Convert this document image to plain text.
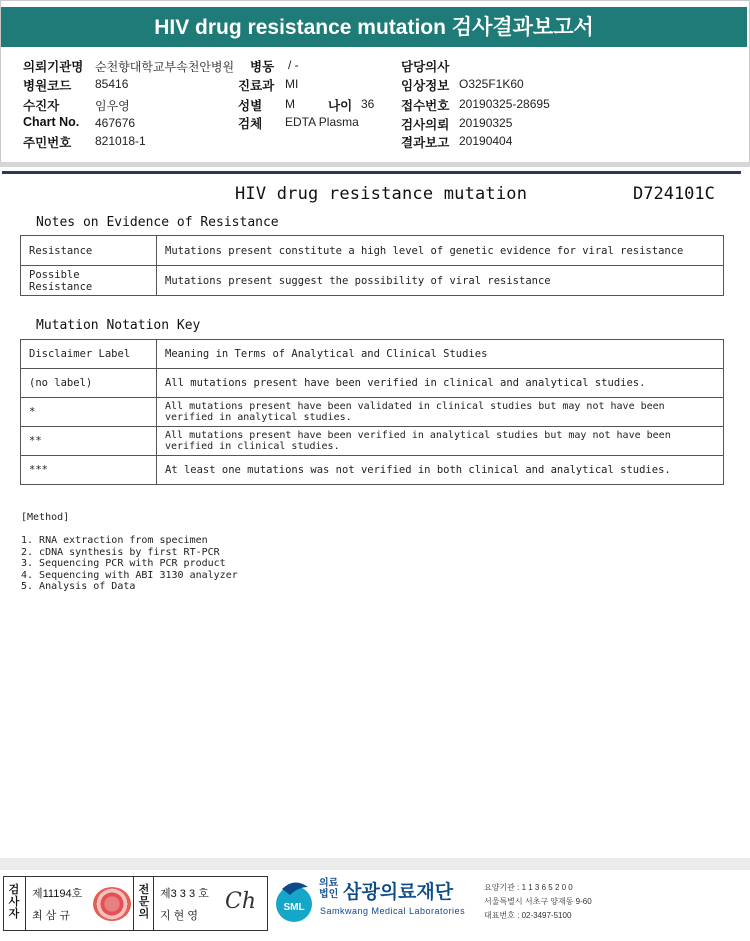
HIV drug resistance mutation 검사결과보고서
의뢰기관명 순천향대학교부속천안병원 병동 / -	담당의사
병원코드 85416	진료과 MI	임상정보 O325F1K60
수진자	임우영	성별 M	나이 36 접수번호 20190325-28695
Chart No. 467676	검체 EDTA Plasma	검사의뢰 20190325
주민번호 821018-1	결과보고 20190404
HIV drug resistance mutation	D724101C
Notes on Evidence of Resistance
Resistance	Mutations present constitute a high level of genetic evidence for viral resistance
Possible Resistance	Mutations present suggest the possibility of viral resistance
Mutation Notation Key
Disclaimer Label	Meaning in Terms of Analytical and Clinical Studies
(no label)	All mutations present have been verified in clinical and analytical studies.
*	All mutations present have been validated in clinical studies but may not have been verified in analytical studies.
**	All mutations present have been verified in analytical studies but may not have been verified in clinical studies.
***	At least one mutations was not verified in both clinical and analytical studies.
[Method]
1. RNA extraction from specimen
2. cDNA synthesis by first RT-PCR
3. Sequencing PCR with PCR product
4. Sequencing with ABI 3130 analyzer
5. Analysis of Data
검사자
제11194호
최 삼 규
전문의
제3 3 3 호
지 현 영
Ch	SML
의료법인 삼광의료재단
Samkwang Medical Laboratories
요양기관 : 1 1 3 6 5 2 0 0
서울특별시 서초구 양재동 9-60
대표번호 : 02-3497-5100
